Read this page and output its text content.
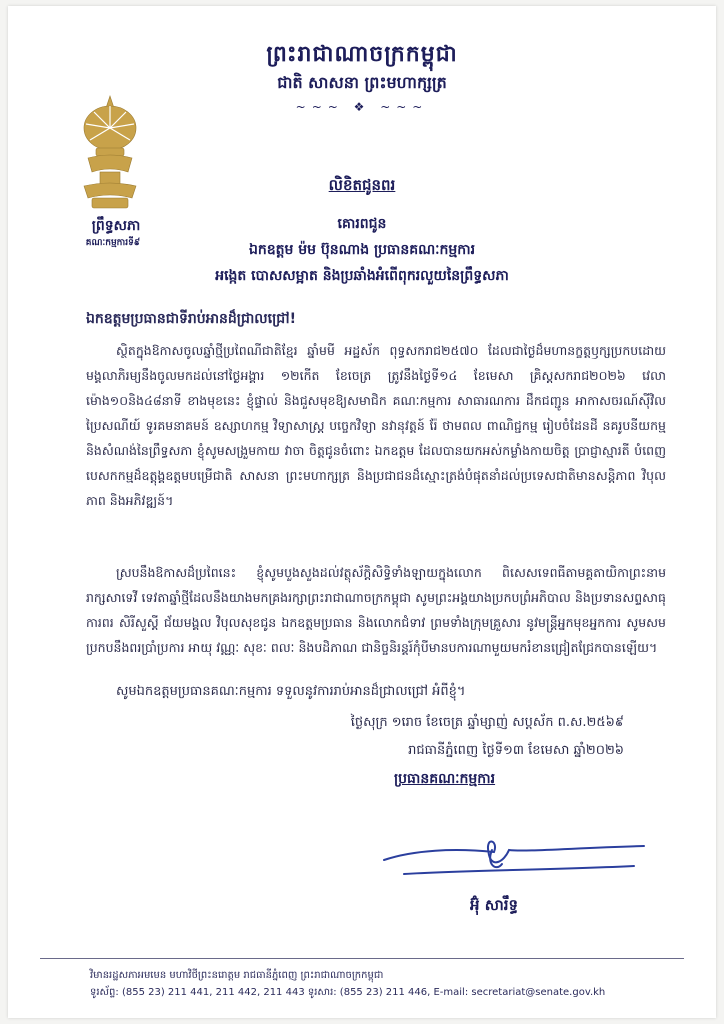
ព្រះរាជាណាចក្រកម្ពុជា
ជាតិ សាសនា ព្រះមហាក្សត្រ
~~~ ❖ ~~~
ព្រឹទ្ធសភា
គណៈកម្មការទី៩
លិខិតជូនពរ
គោរពជូន
ឯកឧត្តម ម៉ម ប៊ុនណាង ប្រធានគណៈកម្មការ
អង្កេត បោសសម្អាត និងប្រឆាំងអំពើពុករលួយនៃព្រឹទ្ធសភា
ឯកឧត្តមប្រធានជាទីរាប់អានដ៏ជ្រាលជ្រៅ!
ស្ថិតក្នុងឱកាសចូលឆ្នាំថ្មីប្រពៃណីជាតិខ្មែរ ឆ្នាំមមី អដ្ឋស័ក ពុទ្ធសករាជ២៥៧០ ដែលជាថ្ងៃដ៏មហានក្ខត្តឫក្សប្រកបដោយមង្គលាភិរម្យនឹងចូលមកដល់នៅថ្ងៃអង្គារ ១២កើត ខែចេត្រ ត្រូវនឹងថ្ងៃទី១៤ ខែមេសា គ្រិស្តសករាជ២០២៦ វេលាម៉ោង១០និង៤៨នាទី ខាងមុខនេះ ខ្ញុំផ្ទាល់ និងជួសមុខឱ្យសមាជិក គណៈកម្មការ សាធារណការ ដឹកជញ្ជូន អាកាសចរណ៍ស៊ីវិល ប្រៃសណីយ៍ ទូរគមនាគមន៍ ឧស្សាហកម្ម វិទ្យាសាស្ត្រ បច្ចេកវិទ្យា នវានុវត្តន៍ រ៉ែ ថាមពល ពាណិជ្ជកម្ម រៀបចំដែនដី នគរូបនីយកម្ម និងសំណង់នៃព្រឹទ្ធសភា ខ្ញុំសូមសង្រួមកាយ វាចា ចិត្តជូនចំពោះ ឯកឧត្តម ដែលបានយកអស់កម្លាំងកាយចិត្ត ប្រាជ្ញាស្មារតី បំពេញបេសកកម្មដ៏ឧត្តុង្គឧត្តមបម្រើជាតិ សាសនា ព្រះមហាក្សត្រ និងប្រជាជនដ៏ស្មោះត្រង់បំផុតនាំដល់ប្រទេសជាតិមានសន្តិភាព វិបុលភាព និងអភិវឌ្ឍន៍។
ស្របនឹងឱកាសដ៏ប្រពៃនេះ ខ្ញុំសូមបួងសួងដល់វត្ថុស័ក្តិសិទ្ធិទាំងឡាយក្នុងលោក ពិសេសទេពធីតាមគ្គតាយិកាព្រះនាមរាក្សសាទេវី ទេវតាឆ្នាំថ្មីដែលនឹងយាងមកគ្រងរក្សាព្រះរាជាណាចក្រកម្ពុជា សូមព្រះអង្គយាងប្រកបព្រំអភិបាល និងប្រទានសព្ទសាធុការពរ សិរីសួស្តី ជ័យមង្គល វិបុលសុខជូន ឯកឧត្តមប្រធាន និងលោកជំទាវ ព្រមទាំងក្រុមគ្រួសារ នូវមន្ត្រីអ្នកមុខអ្នកការ សូមសមប្រកបនឹងពរប្រាំប្រការ អាយុ វណ្ណៈ សុខៈ ពលៈ និងបដិភាណ ជានិច្ចនិរន្តរ៍កុំបីមានបការណាមួយមករំខានជ្រៀតជ្រែកបានឡើយ។
សូមឯកឧត្តមប្រធានគណៈកម្មការ ទទួលនូវការរាប់អានដ៏ជ្រាលជ្រៅ អំពីខ្ញុំ។
ថ្ងៃសុក្រ ១រោច ខែចេត្រ ឆ្នាំម្សាញ់ សប្តស័ក ព.ស.២៥៦៩
រាជធានីភ្នំពេញ ថ្ងៃទី១៣ ខែមេសា ឆ្នាំ២០២៦
ប្រធានគណៈកម្មការ
អ៊ុំ សារឹទ្ធ
វិមានរដ្ឋសភាអមមេន មហាវិថីព្រះនរោត្តម រាជធានីភ្នំពេញ ព្រះរាជាណាចក្រកម្ពុជា
ទូរស័ព្ទ: (855 23) 211 441, 211 442, 211 443 ទូរសារ: (855 23) 211 446, E-mail: secretariat@senate.gov.kh
